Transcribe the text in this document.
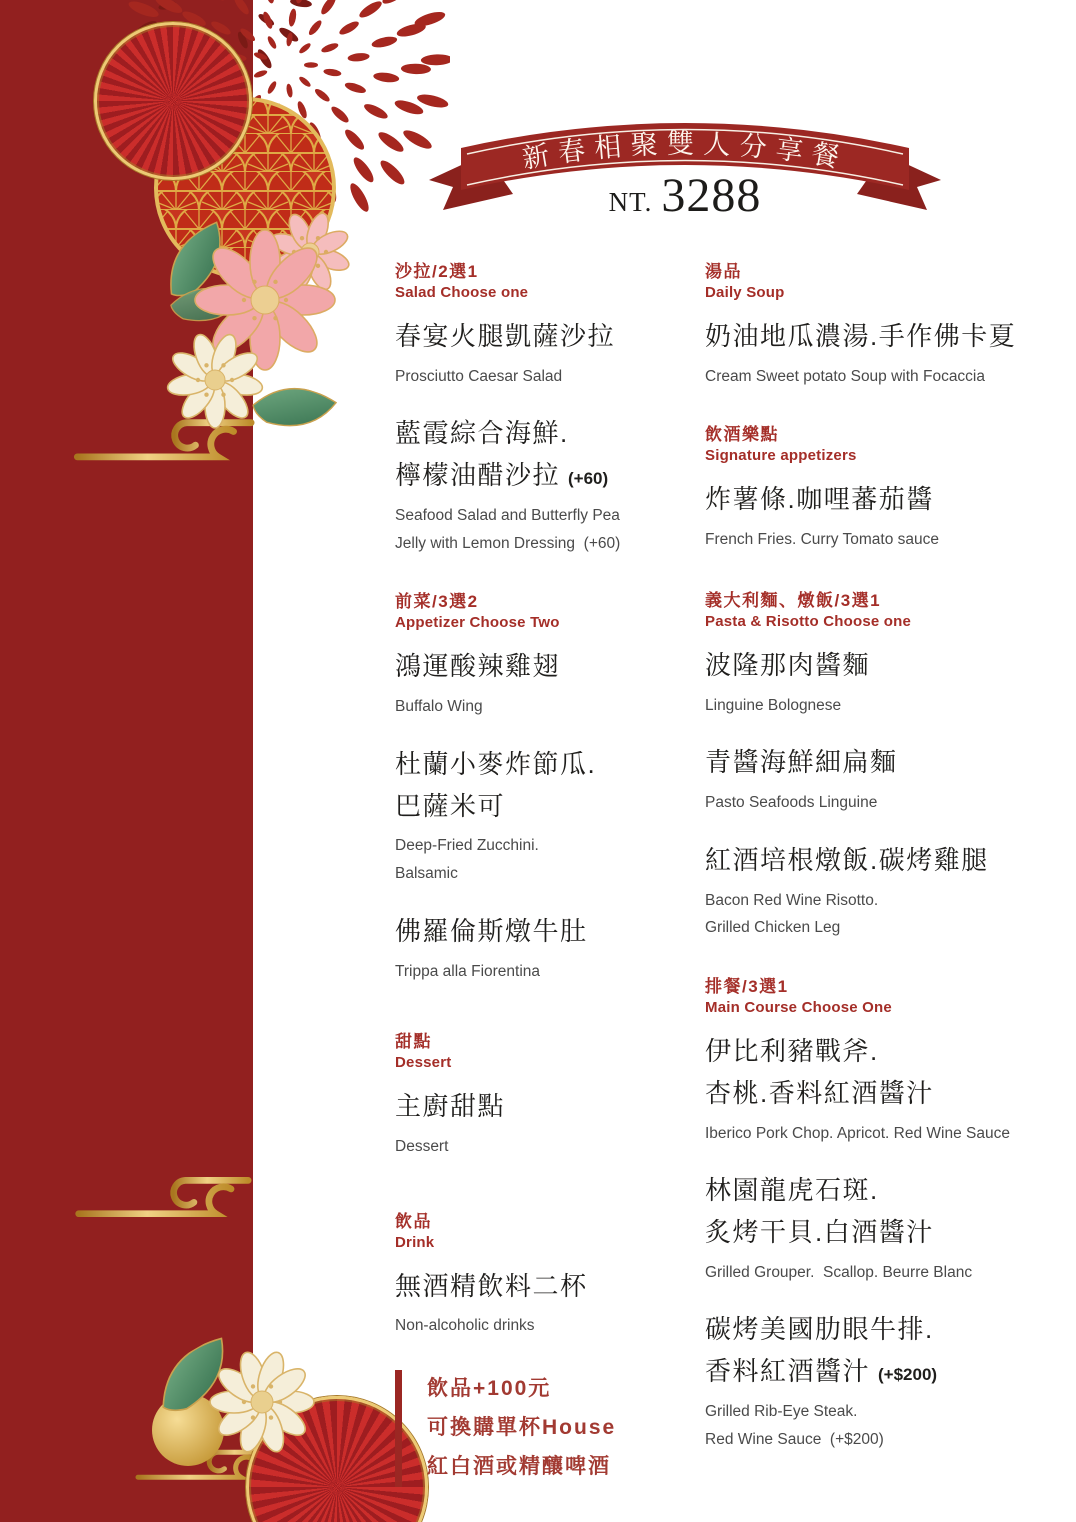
新春相聚雙人分享餐
NT. 3288
沙拉/2選1
Salad Choose one
春宴火腿凱薩沙拉
Prosciutto Caesar Salad
藍霞綜合海鮮.
檸檬油醋沙拉 (+60)
Seafood Salad and Butterfly Pea
Jelly with Lemon Dressing  (+60)
前菜/3選2
Appetizer Choose Two
鴻運酸辣雞翅
Buffalo Wing
杜蘭小麥炸節瓜.
巴薩米可
Deep-Fried Zucchini.
Balsamic
佛羅倫斯燉牛肚
Trippa alla Fiorentina
甜點
Dessert
主廚甜點
Dessert
飲品
Drink
無酒精飲料二杯
Non-alcoholic drinks
飲品+100元
可換購單杯House
紅白酒或精釀啤酒
湯品
Daily Soup
奶油地瓜濃湯.手作佛卡夏
Cream Sweet potato Soup with Focaccia
飲酒樂點
Signature appetizers
炸薯條.咖哩蕃茄醬
French Fries. Curry Tomato sauce
義大利麵、燉飯/3選1
Pasta & Risotto Choose one
波隆那肉醬麵
Linguine Bolognese
青醬海鮮細扁麵
Pasto Seafoods Linguine
紅酒培根燉飯.碳烤雞腿
Bacon Red Wine Risotto.
Grilled Chicken Leg
排餐/3選1
Main Course Choose One
伊比利豬戰斧.
杏桃.香料紅酒醬汁
Iberico Pork Chop. Apricot. Red Wine Sauce
林園龍虎石斑.
炙烤干貝.白酒醬汁
Grilled Grouper.  Scallop. Beurre Blanc
碳烤美國肋眼牛排.
香料紅酒醬汁 (+$200)
Grilled Rib-Eye Steak.
Red Wine Sauce  (+$200)
